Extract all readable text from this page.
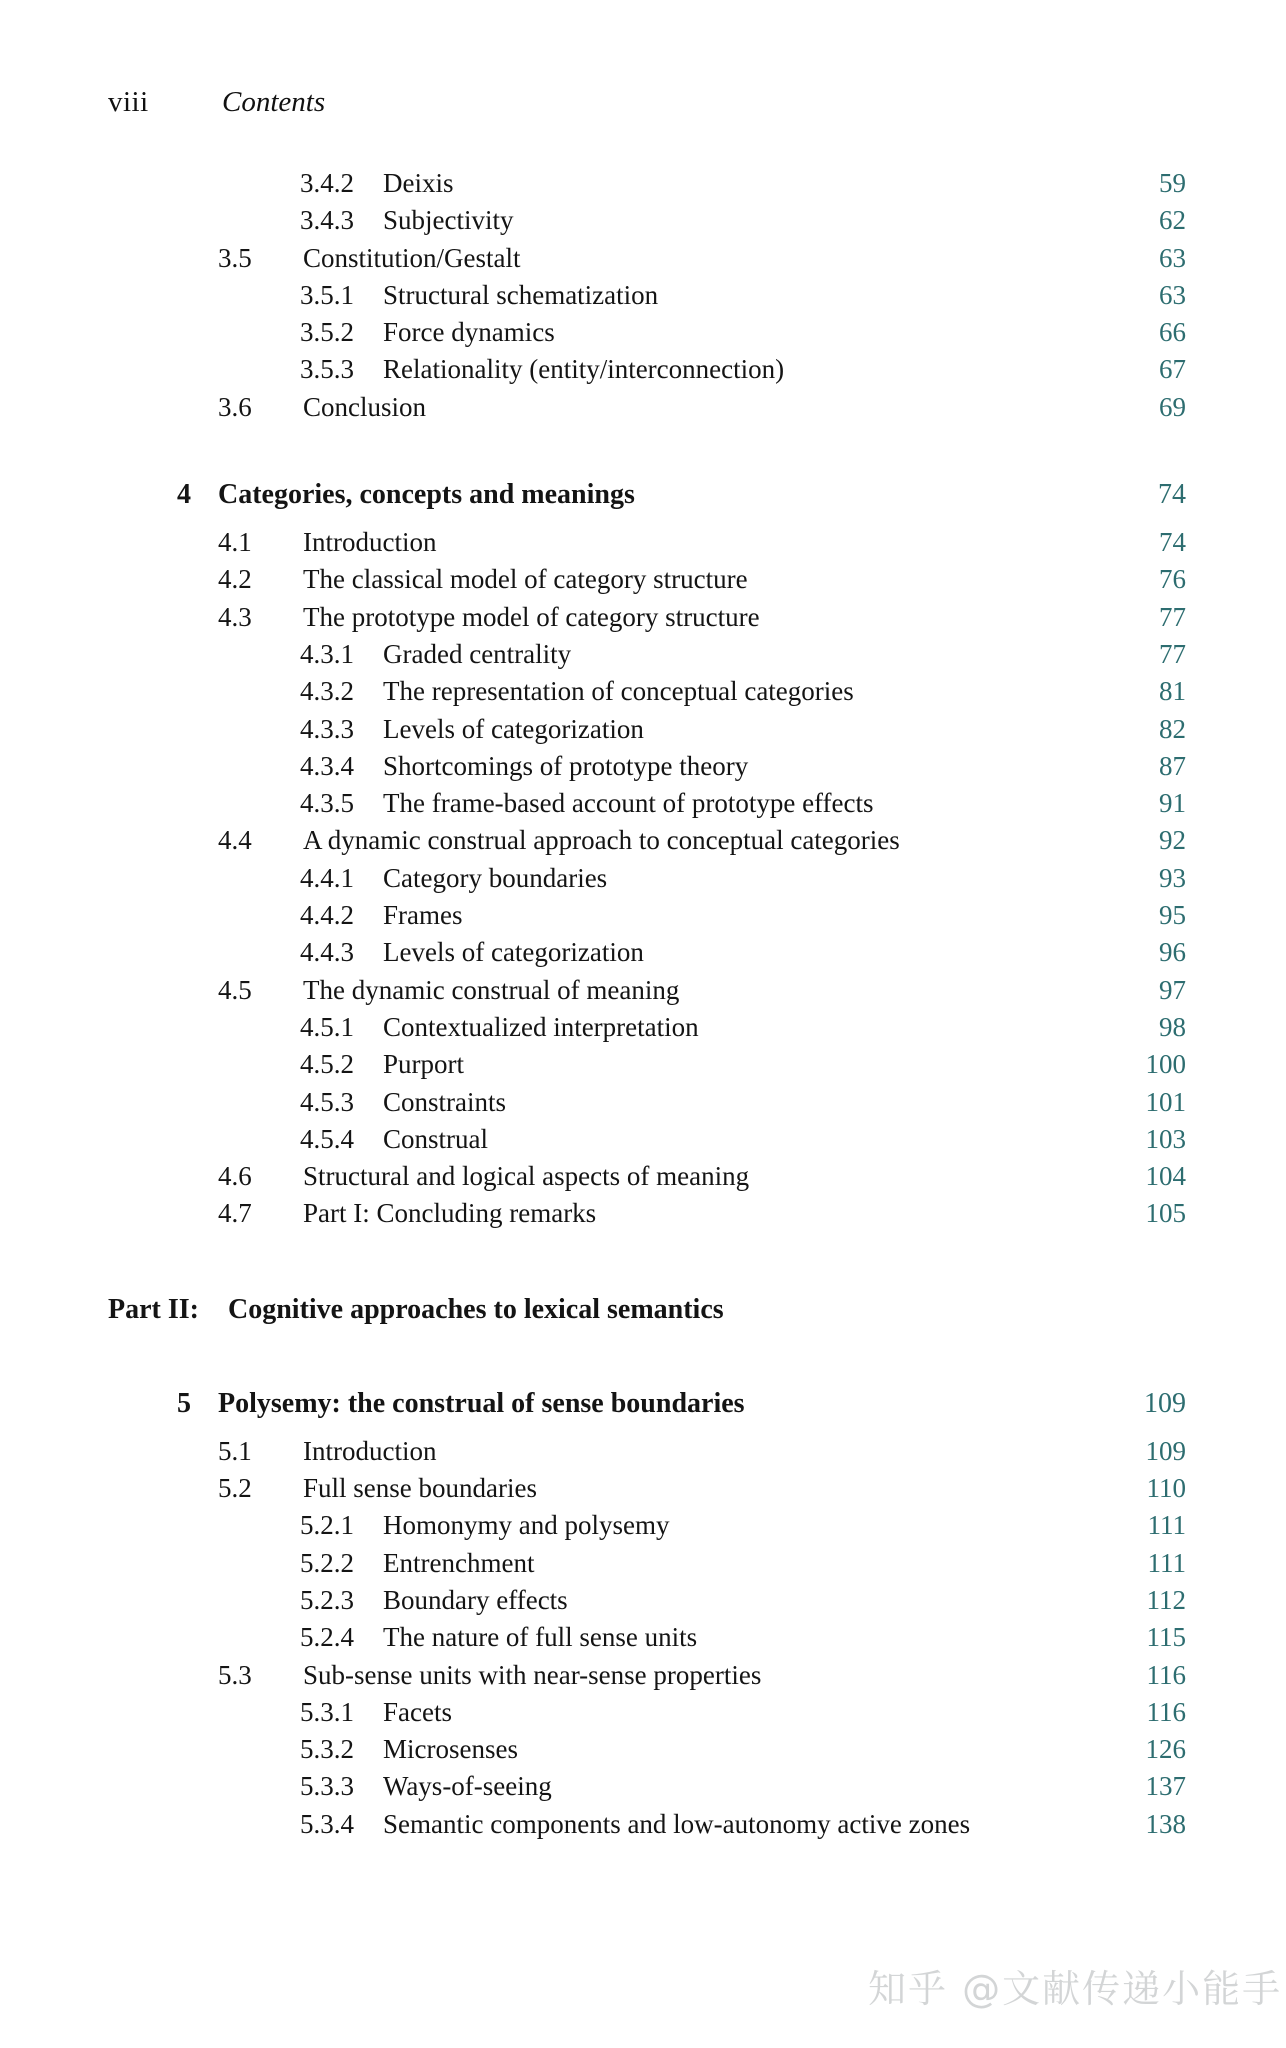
viii	Contents
3.4.2 Deixis	59
3.4.3 Subjectivity	62
3.5 Constitution/Gestalt	63
3.5.1 Structural schematization	63
3.5.2 Force dynamics	66
3.5.3 Relationality (entity/interconnection)	67
3.6 Conclusion	69
4 Categories, concepts and meanings	74
4.1 Introduction	74
4.2 The classical model of category structure	76
4.3 The prototype model of category structure	77
4.3.1 Graded centrality	77
4.3.2 The representation of conceptual categories	81
4.3.3 Levels of categorization	82
4.3.4 Shortcomings of prototype theory	87
4.3.5 The frame-based account of prototype effects	91
4.4 A dynamic construal approach to conceptual categories	92
4.4.1 Category boundaries	93
4.4.2 Frames	95
4.4.3 Levels of categorization	96
4.5 The dynamic construal of meaning	97
4.5.1 Contextualized interpretation	98
4.5.2 Purport	100
4.5.3 Constraints	101
4.5.4 Construal	103
4.6 Structural and logical aspects of meaning	104
4.7 Part I: Concluding remarks	105
Part II: Cognitive approaches to lexical semantics
5 Polysemy: the construal of sense boundaries	109
5.1 Introduction	109
5.2 Full sense boundaries	110
5.2.1 Homonymy and polysemy	111
5.2.2 Entrenchment	111
5.2.3 Boundary effects	112
5.2.4 The nature of full sense units	115
5.3 Sub-sense units with near-sense properties	116
5.3.1 Facets	116
5.3.2 Microsenses	126
5.3.3 Ways-of-seeing	137
5.3.4 Semantic components and low-autonomy active zones	138
知乎 @文献传递小能手
